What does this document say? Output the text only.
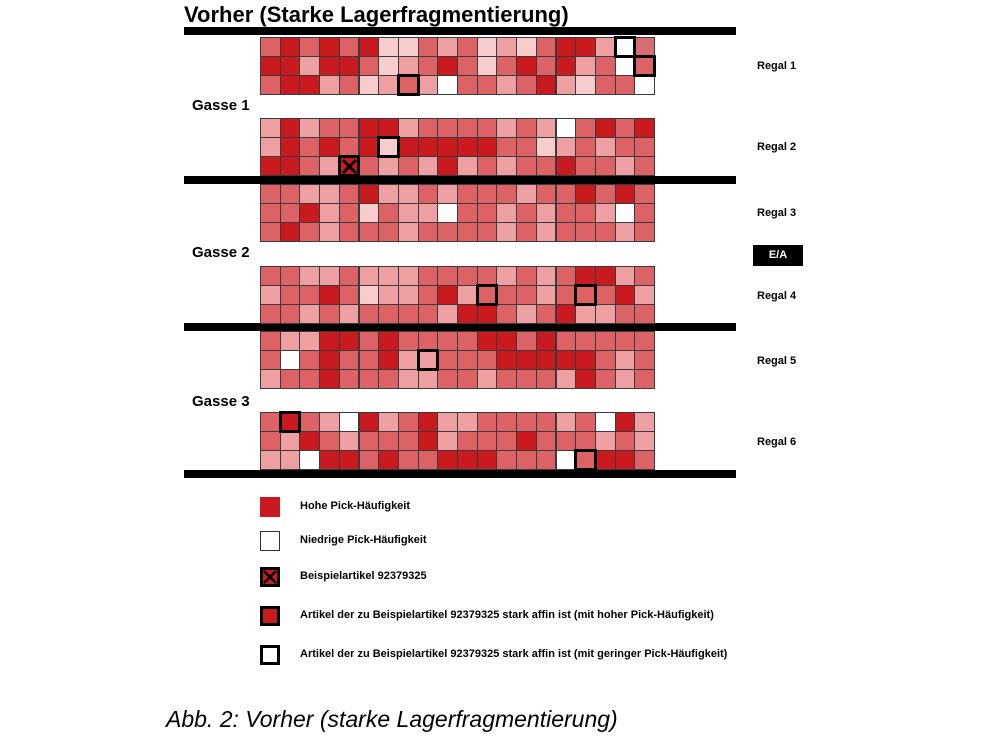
Vorher (Starke Lagerfragmentierung)
Gasse 1
Gasse 2
Gasse 3
Regal 1
Regal 2
Regal 3
Regal 4
Regal 5
Regal 6
E/A
Hohe Pick-Häufigkeit
Niedrige Pick-Häufigkeit
Beispielartikel 92379325
Artikel der zu Beispielartikel 92379325 stark affin ist (mit hoher Pick-Häufigkeit)
Artikel der zu Beispielartikel 92379325 stark affin ist (mit geringer Pick-Häufigkeit)
Abb. 2: Vorher (starke Lagerfragmentierung)
